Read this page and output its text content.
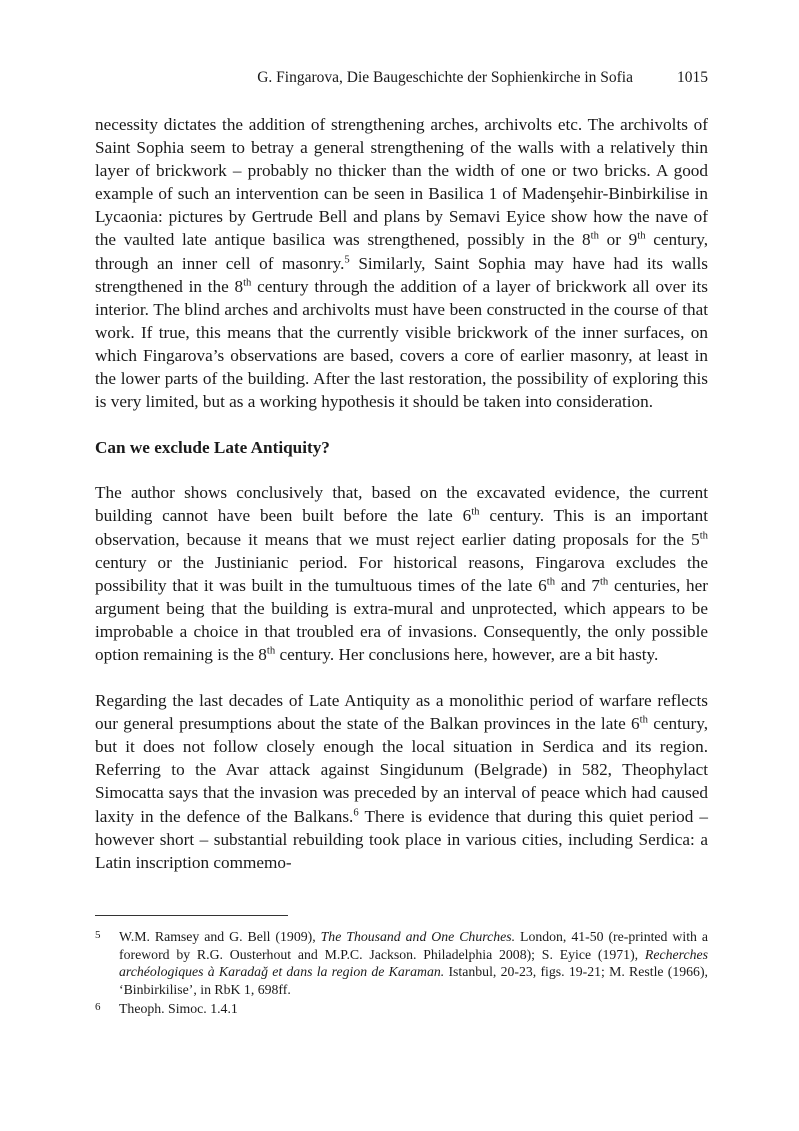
G. Fingarova, Die Baugeschichte der Sophienkirche in Sofia	1015

necessity dictates the addition of strengthening arches, archivolts etc. The archivolts of Saint Sophia seem to betray a general strengthening of the walls with a relatively thin layer of brickwork – probably no thicker than the width of one or two bricks. A good example of such an intervention can be seen in Basilica 1 of Madenşehir-Binbirkilise in Lycaonia: pictures by Gertrude Bell and plans by Semavi Eyice show how the nave of the vaulted late antique basilica was strengthened, possibly in the 8th or 9th century, through an inner cell of masonry.$^5$ Similarly, Saint Sophia may have had its walls strengthened in the 8th century through the addition of a layer of brickwork all over its interior. The blind arches and archivolts must have been constructed in the course of that work. If true, this means that the currently visible brickwork of the inner surfaces, on which Fingarova’s observations are based, covers a core of earlier masonry, at least in the lower parts of the building. After the last restoration, the possibility of exploring this is very limited, but as a working hypothesis it should be taken into consideration.

Can we exclude Late Antiquity?

The author shows conclusively that, based on the excavated evidence, the current building cannot have been built before the late 6th century. This is an important observation, because it means that we must reject earlier dating proposals for the 5th century or the Justinianic period. For historical reasons, Fingarova excludes the possibility that it was built in the tumultuous times of the late 6th and 7th centuries, her argument being that the building is extra-mural and unprotected, which appears to be improbable a choice in that troubled era of invasions. Consequently, the only possible option remaining is the 8th century. Her conclusions here, however, are a bit hasty.

Regarding the last decades of Late Antiquity as a monolithic period of warfare reflects our general presumptions about the state of the Balkan provinces in the late 6th century, but it does not follow closely enough the local situation in Serdica and its region. Referring to the Avar attack against Singidunum (Belgrade) in 582, Theophylact Simocatta says that the invasion was preceded by an interval of peace which had caused laxity in the defence of the Balkans.$^6$ There is evidence that during this quiet period – however short – substantial rebuilding took place in various cities, including Serdica: a Latin inscription commemo-

5	W.M. Ramsey and G. Bell (1909), The Thousand and One Churches. London, 41-50 (re-printed with a foreword by R.G. Ousterhout and M.P.C. Jackson. Philadelphia 2008); S. Eyice (1971), Recherches archéologiques à Karadağ et dans la region de Karaman. Istanbul, 20-23, figs. 19-21; M. Restle (1966), ‘Binbirkilise’, in RbK 1, 698ff.
6	Theoph. Simoc. 1.4.1
